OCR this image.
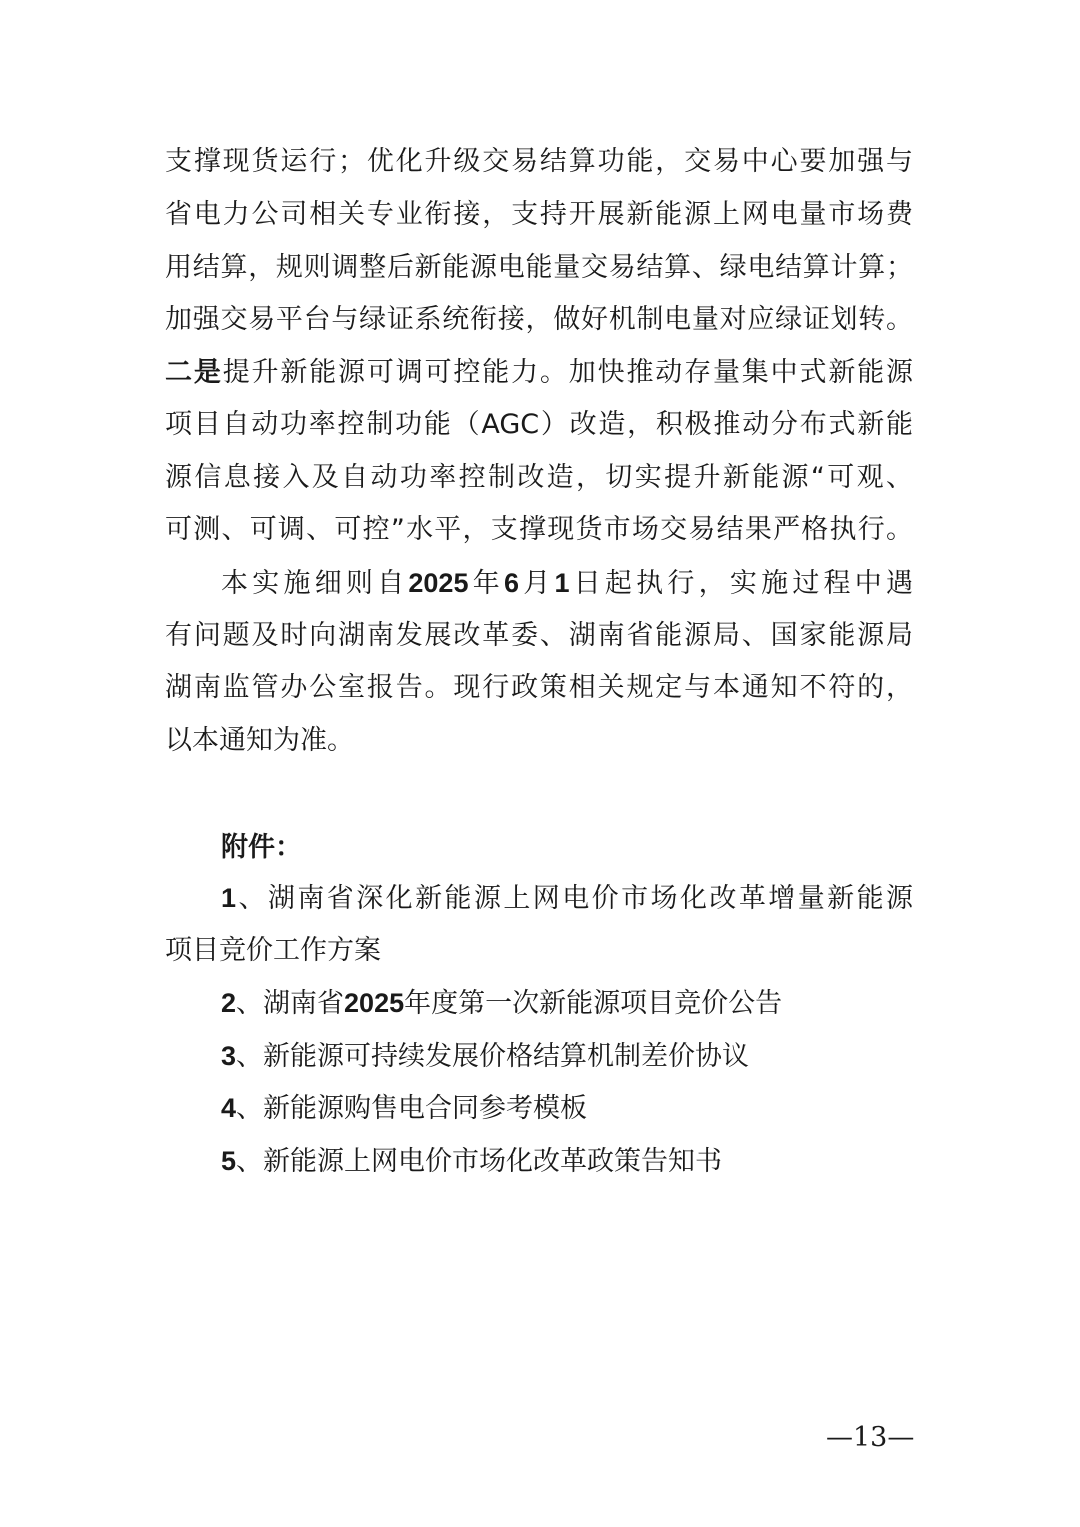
支撑现货运行；优化升级交易结算功能，交易中心要加强与
省电力公司相关专业衔接，支持开展新能源上网电量市场费
用结算，规则调整后新能源电能量交易结算、绿电结算计算；
加强交易平台与绿证系统衔接，做好机制电量对应绿证划转。
二是提升新能源可调可控能力。加快推动存量集中式新能源
项目自动功率控制功能（AGC）改造，积极推动分布式新能
源信息接入及自动功率控制改造，切实提升新能源“可观、
可测、可调、可控”水平，支撑现货市场交易结果严格执行。
本实施细则自2025年6月1日起执行，实施过程中遇
有问题及时向湖南发展改革委、湖南省能源局、国家能源局
湖南监管办公室报告。现行政策相关规定与本通知不符的，
以本通知为准。
附件：
1、湖南省深化新能源上网电价市场化改革增量新能源
项目竞价工作方案
2、湖南省2025年度第一次新能源项目竞价公告
3、新能源可持续发展价格结算机制差价协议
4、新能源购售电合同参考模板
5、新能源上网电价市场化改革政策告知书
—13—
